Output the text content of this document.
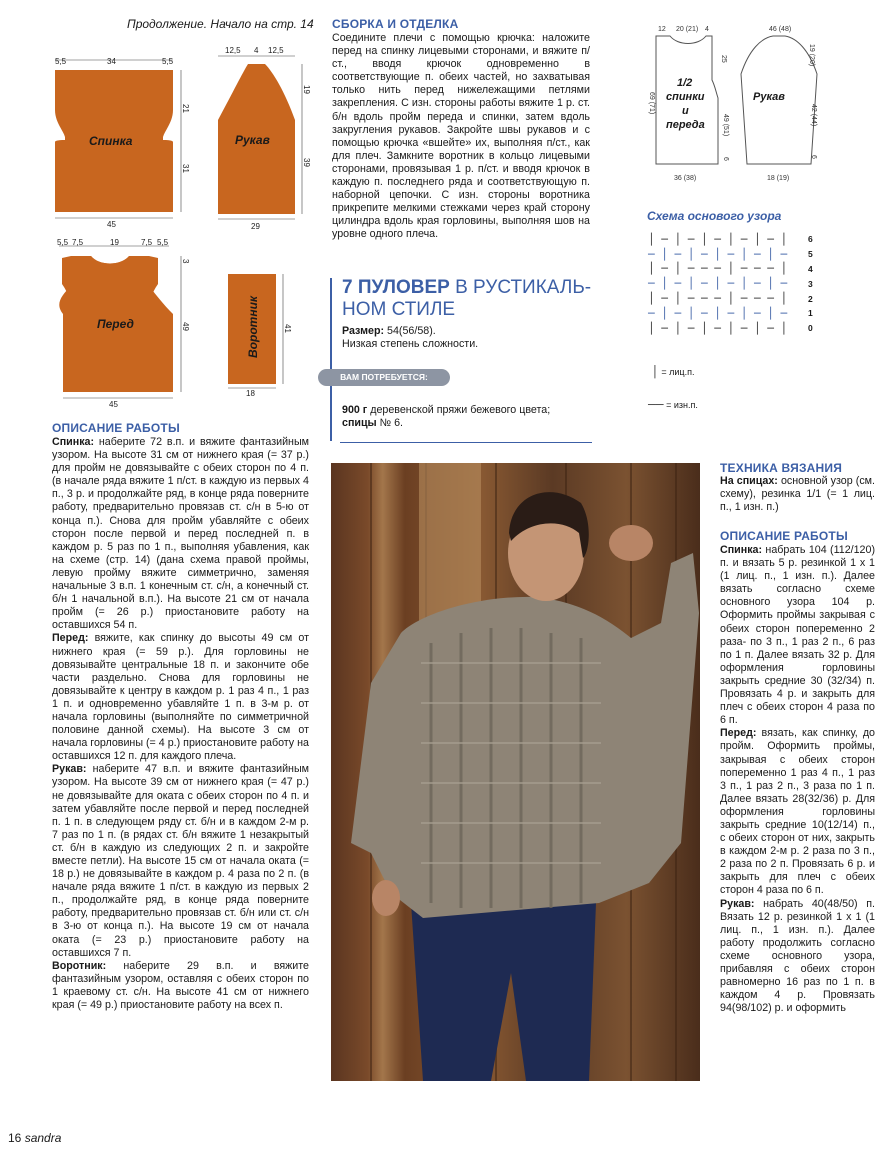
Продолжение. Начало на стр. 14
5,5	34	5,5
21
31
45
Спинка
12,5 4 12,5
19
39
29
Рукав
5,5 7,5	19	7,5 5,5
3
49
45
Перед	41
18
Воротник
СБОРКА И ОТДЕЛКА
Соедините плечи с помощью крючка: наложите перед на спинку лицевыми сторонами, и вяжите п/ст., вводя крючок одновременно в соответствующие п. обеих частей, но захватывая только нить перед нижележащими петлями закрепления. С изн. стороны работы вяжите 1 р. ст. б/н вдоль пройм переда и спинки, затем вдоль закругления рукавов. Закройте швы рукавов и с помощью крючка «вшейте» их, выполняя п/ст., как для плеч. Замкните воротник в кольцо лицевыми сторонами, провязывая 1 р. п/ст. и вводя крючок в каждую п. последнего ряда и соответствующую п. наборной цепочки. С изн. стороны воротника прикрепите мелкими стежками через край сторону цилиндра вдоль края горловины, выполняя шов на уровне одного плеча.
12 20 (21) 4
69 (71)
25
49 (51)
6
36 (38)
1/2
спинки
и
переда
46 (48)
19 (20)
42 (44)
6
18 (19)
Рукав
Схема основого узора
│ ─ │ ─ │ ─ │ ─ │ ─ │	6
─ │ ─ │ ─ │ ─ │ ─ │ ─	5
│ ─ │ ─ ─ ─ │ ─ ─ ─ │	4
─ │ ─ │ ─ │ ─ │ ─ │ ─	3
│ ─ │ ─ ─ ─ │ ─ ─ ─ │	2
─ │ ─ │ ─ │ ─ │ ─ │ ─	1
│ ─ │ ─ │ ─ │ ─ │ ─ │	0
│ = лиц.п.
── = изн.п.
7 ПУЛОВЕР В РУСТИКАЛЬ-
НОМ СТИЛЕ
Размер: 54(56/58).
Низкая степень сложности.
ВАМ ПОТРЕБУЕТСЯ:
900 г деревенской пряжи бежевого цвета;
спицы № 6.
ОПИСАНИЕ РАБОТЫ
Спинка: наберите 72 в.п. и вяжите фантазийным узором. На высоте 31 см от нижнего края (= 37 р.) для пройм не довязывайте с обеих сторон по 4 п. (в начале ряда вяжите 1 п/ст. в каждую из первых 4 п., 3 р. и продолжайте ряд, в конце ряда поверните работу, предварительно провязав ст. с/н в 5-ю от конца п.). Снова для пройм убавляйте с обеих сторон после первой и перед последней п. в каждом р. 5 раз по 1 п., выполняя убавления, как на схеме (стр. 14) (дана схема правой проймы, левую пройму вяжите симметрично, заменяя начальные 3 в.п. 1 конечным ст. с/н, а конечный ст. б/н 1 начальной в.п.). На высоте 21 см от начала пройм (= 26 р.) приостановите работу на оставшихся 54 п.
Перед: вяжите, как спинку до высоты 49 см от нижнего края (= 59 р.). Для горловины не довязывайте центральные 18 п. и закончите обе части раздельно. Снова для горловины не довязывайте к центру в каждом р. 1 раз 4 п., 1 раз 1 п. и одновременно убавляйте 1 п. в 3-м р. от начала горловины (выполняйте по симметричной половине данной схемы). На высоте 3 см от начала горловины (= 4 р.) приостановите работу на оставшихся 12 п. для каждого плеча.
Рукав: наберите 47 в.п. и вяжите фантазийным узором. На высоте 39 см от нижнего края (= 47 р.) не довязывайте для оката с обеих сторон по 4 п. и затем убавляйте после первой и перед последней п. 1 п. в следующем ряду ст. б/н и в каждом 2-м р. 7 раз по 1 п. (в рядах ст. б/н вяжите 1 незакрытый ст. б/н в каждую из следующих 2 п. и закройте вместе петли). На высоте 15 см от начала оката (= 18 р.) не довязывайте в каждом р. 4 раза по 2 п. (в начале ряда вяжите 1 п/ст. в каждую из первых 2 п., продолжайте ряд, в конце ряда поверните работу, предварительно провязав ст. б/н или ст. с/н в 3-ю от конца п.). На высоте 19 см от начала оката (= 23 р.) приостановите работу на оставшихся 7 п.
Воротник: наберите 29 в.п. и вяжите фантазийным узором, оставляя с обеих сторон по 1 краевому ст. с/н. На высоте 41 см от нижнего края (= 49 р.) приостановите работу на всех п.
ТЕХНИКА ВЯЗАНИЯ
На спицах: основной узор (см. схему), резинка 1/1 (= 1 лиц. п., 1 изн. п.)
ОПИСАНИЕ РАБОТЫ
Спинка: набрать 104 (112/120) п. и вязать 5 р. резинкой 1 х 1 (1 лиц. п., 1 изн. п.). Далее вязать согласно схеме основного узора 104 р. Оформить проймы закрывая с обеих сторон попеременно 2 раза- по 3 п., 1 раз 2 п., 6 раз по 1 п. Далее вязать 32 р. Для оформления горловины закрыть средние 30 (32/34) п. Провязать 4 р. и закрыть для плеч с обеих сторон 4 раза по 6 п.
Перед: вязать, как спинку, до пройм. Оформить проймы, закрывая с обеих сторон попеременно 1 раз 4 п., 1 раз 3 п., 1 раз 2 п., 3 раза по 1 п. Далее вязать 28(32/36) р. Для оформления горловины закрыть средние 10(12/14) п., с обеих сторон от них, закрыть в каждом 2-м р. 2 раза по 3 п., 2 раза по 2 п. Провязать 6 р. и закрыть для плеч с обеих сторон 4 раза по 6 п.
Рукав: набрать 40(48/50) п. Вязать 12 р. резинкой 1 х 1 (1 лиц. п., 1 изн. п.). Далее работу продолжить согласно схеме основного узора, прибавляя с обеих сторон равномерно 16 раз по 1 п. в каждом 4 р. Провязать 94(98/102) р. и оформить
16 sandra
